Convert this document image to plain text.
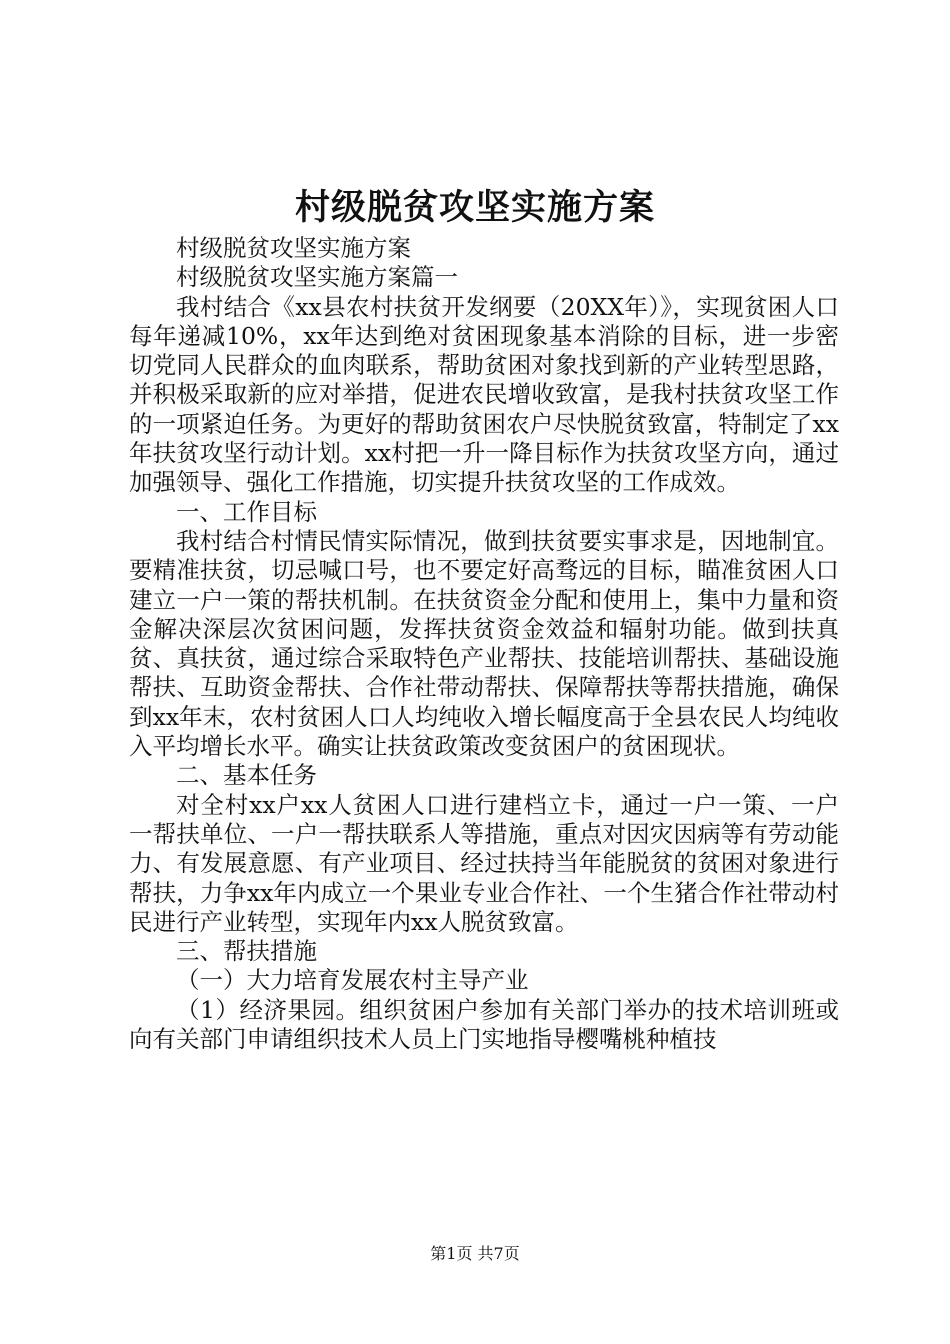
村级脱贫攻坚实施方案

村级脱贫攻坚实施方案

村级脱贫攻坚实施方案篇一

我村结合《xx县农村扶贫开发纲要（20XX年）》，实现贫困人口每年递减10%，xx年达到绝对贫困现象基本消除的目标，进一步密切党同人民群众的血肉联系，帮助贫困对象找到新的产业转型思路，并积极采取新的应对举措，促进农民增收致富，是我村扶贫攻坚工作的一项紧迫任务。为更好的帮助贫困农户尽快脱贫致富，特制定了xx年扶贫攻坚行动计划。xx村把一升一降目标作为扶贫攻坚方向，通过加强领导、强化工作措施，切实提升扶贫攻坚的工作成效。

一、工作目标

我村结合村情民情实际情况，做到扶贫要实事求是，因地制宜。要精准扶贫，切忌喊口号，也不要定好高骛远的目标，瞄准贫困人口建立一户一策的帮扶机制。在扶贫资金分配和使用上，集中力量和资金解决深层次贫困问题，发挥扶贫资金效益和辐射功能。做到扶真贫、真扶贫，通过综合采取特色产业帮扶、技能培训帮扶、基础设施帮扶、互助资金帮扶、合作社带动帮扶、保障帮扶等帮扶措施，确保到xx年末，农村贫困人口人均纯收入增长幅度高于全县农民人均纯收入平均增长水平。确实让扶贫政策改变贫困户的贫困现状。

二、基本任务

对全村xx户xx人贫困人口进行建档立卡，通过一户一策、一户一帮扶单位、一户一帮扶联系人等措施，重点对因灾因病等有劳动能力、有发展意愿、有产业项目、经过扶持当年能脱贫的贫困对象进行帮扶，力争xx年内成立一个果业专业合作社、一个生猪合作社带动村民进行产业转型，实现年内xx人脱贫致富。

三、帮扶措施

（一）大力培育发展农村主导产业

（1）经济果园。组织贫困户参加有关部门举办的技术培训班或向有关部门申请组织技术人员上门实地指导樱嘴桃种植技

第1页 共7页
